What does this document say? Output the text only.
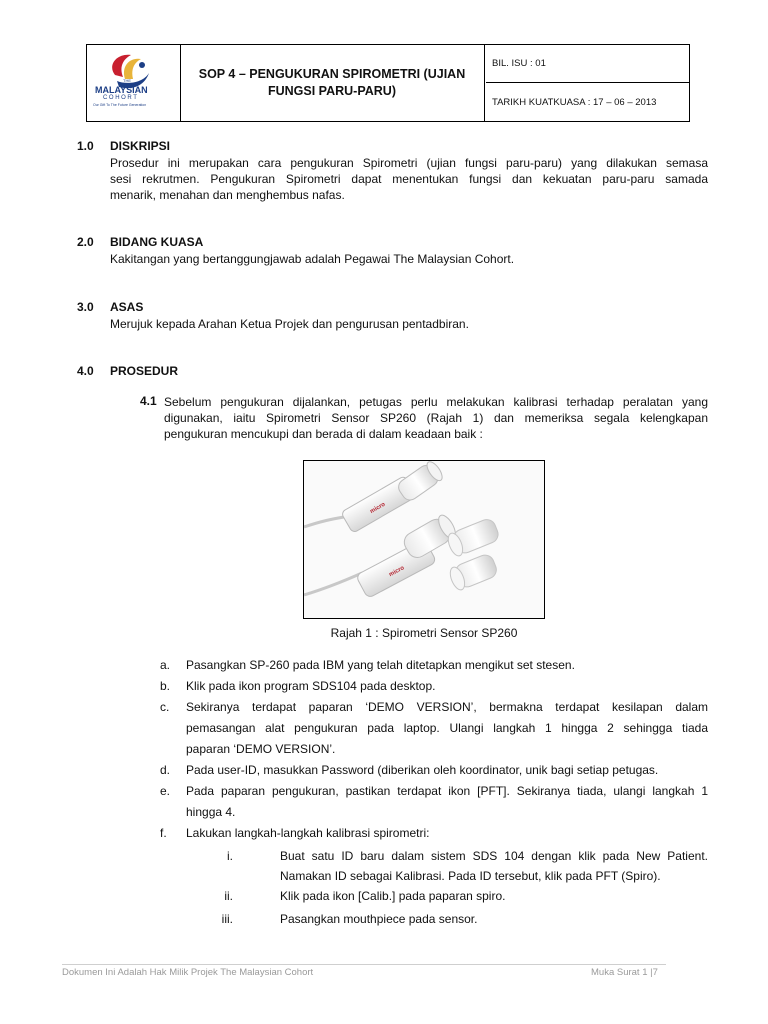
THE
MALAYSIAN
COHORT
Our Gift To The Future Generation
SOP 4 – PENGUKURAN SPIROMETRI (UJIAN FUNGSI PARU-PARU)
BIL. ISU : 01
TARIKH KUATKUASA : 17 – 06 – 2013
1.0 DISKRIPSI
Prosedur ini merupakan cara pengukuran Spirometri (ujian fungsi paru-paru) yang dilakukan semasa
sesi rekrutmen. Pengukuran Spirometri dapat menentukan fungsi dan kekuatan paru-paru samada
menarik, menahan dan menghembus nafas.
2.0 BIDANG KUASA
Kakitangan yang bertanggungjawab adalah Pegawai The Malaysian Cohort.
3.0 ASAS
Merujuk kepada Arahan Ketua Projek dan pengurusan pentadbiran.
4.0 PROSEDUR
4.1 Sebelum pengukuran dijalankan, petugas perlu melakukan kalibrasi terhadap peralatan yang
digunakan, iaitu Spirometri Sensor SP260 (Rajah 1) dan memeriksa segala kelengkapan
pengukuran mencukupi dan berada di dalam keadaan baik :
micro
micro
Rajah 1 : Spirometri Sensor SP260
a. Pasangkan SP-260 pada IBM yang telah ditetapkan mengikut set stesen.
b. Klik pada ikon program SDS104 pada desktop.
c. Sekiranya terdapat paparan ‘DEMO VERSION’, bermakna terdapat kesilapan dalam
pemasangan alat pengukuran pada laptop. Ulangi langkah 1 hingga 2 sehingga tiada
paparan ‘DEMO VERSION’.
d. Pada user-ID, masukkan Password (diberikan oleh koordinator, unik bagi setiap petugas.
e. Pada paparan pengukuran, pastikan terdapat ikon [PFT]. Sekiranya tiada, ulangi langkah 1
hingga 4.
f. Lakukan langkah-langkah kalibrasi spirometri:
i.	Buat satu ID baru dalam sistem SDS 104 dengan klik pada New Patient.
Namakan ID sebagai Kalibrasi. Pada ID tersebut, klik pada PFT (Spiro).
ii.	Klik pada ikon [Calib.] pada paparan spiro.
iii.	Pasangkan mouthpiece pada sensor.
Dokumen Ini Adalah Hak Milik Projek The Malaysian Cohort	Muka Surat 1 |7
